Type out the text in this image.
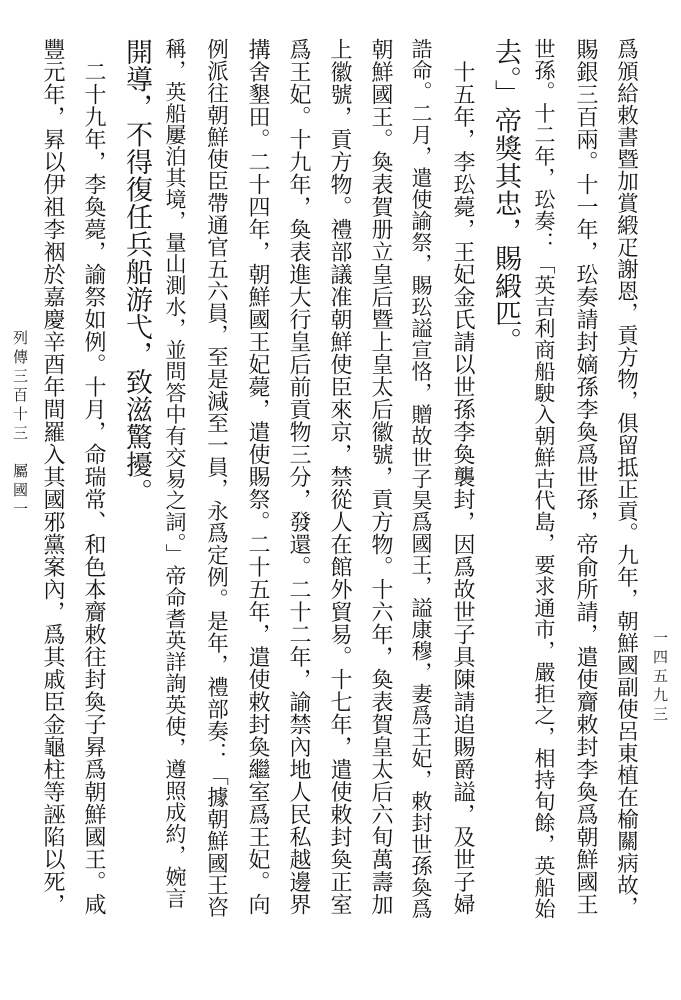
爲頒給敕書暨加賞緞疋謝恩，貢方物，俱留抵正貢。九年，朝鮮國副使呂東植在榆關病故，
賜銀三百兩。十一年，玜奏請封嫡孫李奐爲世孫，帝俞所請，遣使齎敕封李奐爲朝鮮國王
世孫。十二年，玜奏：「英吉利商船駛入朝鮮古代島，要求通市，嚴拒之，相持旬餘，英船始
去。」帝獎其忠，賜緞匹。
　十五年，李玜薨，王妃金氏請以世孫李奐襲封，因爲故世子具陳請追賜爵謚，及世子婦
誥命。二月，遣使諭祭，賜玜謚宣恪，贈故世子昊爲國王，謚康穆，妻爲王妃，敕封世孫奐爲
朝鮮國王。奐表賀册立皇后暨上皇太后徽號，貢方物。十六年，奐表賀皇太后六旬萬壽加
上徽號，貢方物。禮部議准朝鮮使臣來京，禁從人在館外貿易。十七年，遣使敕封奐正室
爲王妃。十九年，奐表進大行皇后前貢物三分，發還。二十二年，諭禁內地人民私越邊界
搆舍墾田。二十四年，朝鮮國王妃薨，遣使賜祭。二十五年，遣使敕封奐繼室爲王妃。向
例派往朝鮮使臣帶通官五六員，至是減至一員，永爲定例。是年，禮部奏：「據朝鮮國王咨
稱，英船屢泊其境，量山測水，並問答中有交易之詞。」帝命耆英詳詢英使，遵照成約，婉言
開導，不得復任兵船游弋，致滋驚擾。
　二十九年，李奐薨，諭祭如例。十月，命瑞常、和色本齎敕往封奐子昪爲朝鮮國王。咸
豐元年，昪以伊祖李裀於嘉慶辛酉年間羅入其國邪黨案內，爲其戚臣金龜柱等誣陷以死，
列傳三百十三　屬國一
一四五九三
